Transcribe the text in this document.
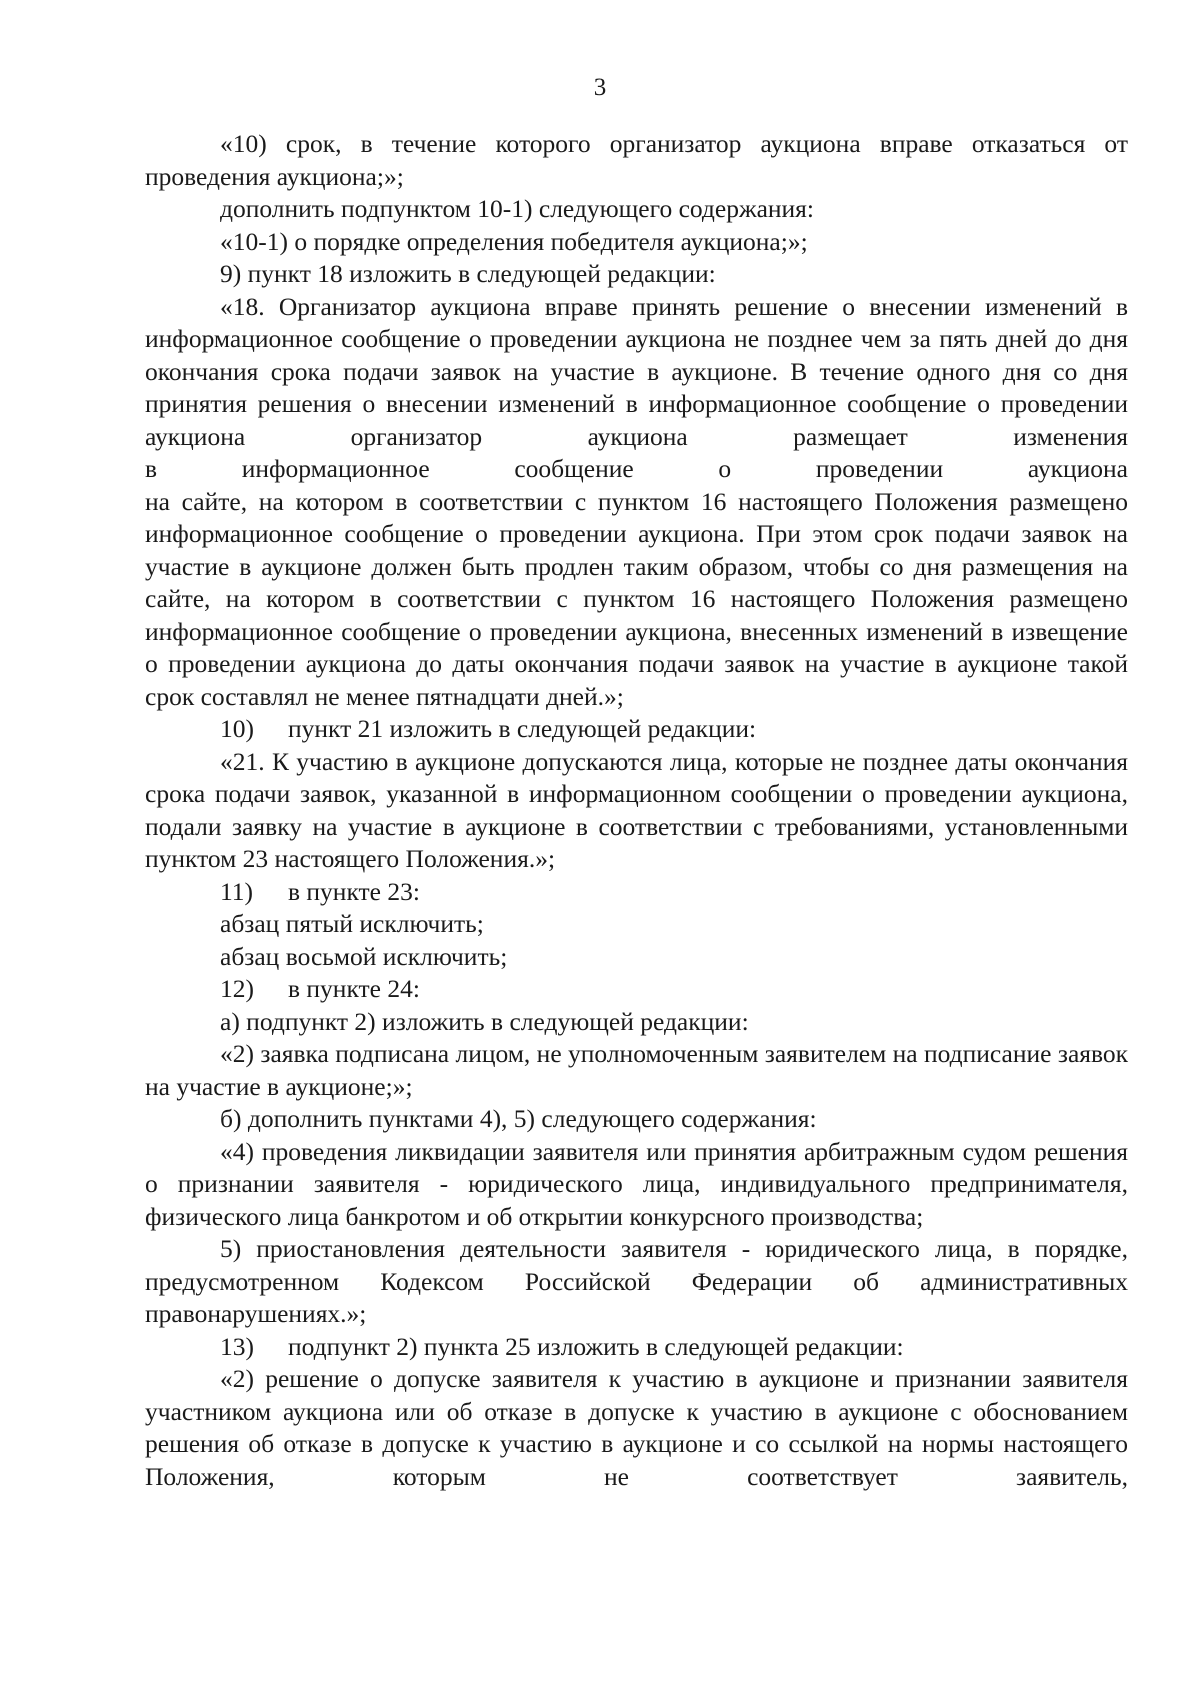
3

«10) срок, в течение которого организатор аукциона вправе отказаться от проведения аукциона;»;

дополнить подпунктом 10-1) следующего содержания:

«10-1) о порядке определения победителя аукциона;»;

9) пункт 18 изложить в следующей редакции:

«18. Организатор аукциона вправе принять решение о внесении изменений в информационное сообщение о проведении аукциона не позднее чем за пять дней до дня окончания срока подачи заявок на участие в аукционе. В течение одного дня со дня принятия решения о внесении изменений в информационное сообщение о проведении аукциона организатор аукциона размещает изменения

в информационное сообщение о проведении аукциона

на сайте, на котором в соответствии с пунктом 16 настоящего Положения размещено информационное сообщение о проведении аукциона. При этом срок подачи заявок на участие в аукционе должен быть продлен таким образом, чтобы со дня размещения на сайте, на котором в соответствии с пунктом 16 настоящего Положения размещено информационное сообщение о проведении аукциона, внесенных изменений в извещение о проведении аукциона до даты окончания подачи заявок на участие в аукционе такой срок составлял не менее пятнадцати дней.»;

10) пункт 21 изложить в следующей редакции:

«21. К участию в аукционе допускаются лица, которые не позднее даты окончания срока подачи заявок, указанной в информационном сообщении о проведении аукциона, подали заявку на участие в аукционе в соответствии с требованиями, установленными пунктом 23 настоящего Положения.»;

11) в пункте 23:

абзац пятый исключить;

абзац восьмой исключить;

12) в пункте 24:

а) подпункт 2) изложить в следующей редакции:

«2) заявка подписана лицом, не уполномоченным заявителем на подписание заявок на участие в аукционе;»;

б) дополнить пунктами 4), 5) следующего содержания:

«4) проведения ликвидации заявителя или принятия арбитражным судом решения о признании заявителя - юридического лица, индивидуального предпринимателя, физического лица банкротом и об открытии конкурсного производства;

5) приостановления деятельности заявителя - юридического лица, в порядке, предусмотренном Кодексом Российской Федерации об административных правонарушениях.»;

13) подпункт 2) пункта 25 изложить в следующей редакции:

«2) решение о допуске заявителя к участию в аукционе и признании заявителя участником аукциона или об отказе в допуске к участию в аукционе с обоснованием решения об отказе в допуске к участию в аукционе и со ссылкой на нормы настоящего Положения, которым не соответствует заявитель,
